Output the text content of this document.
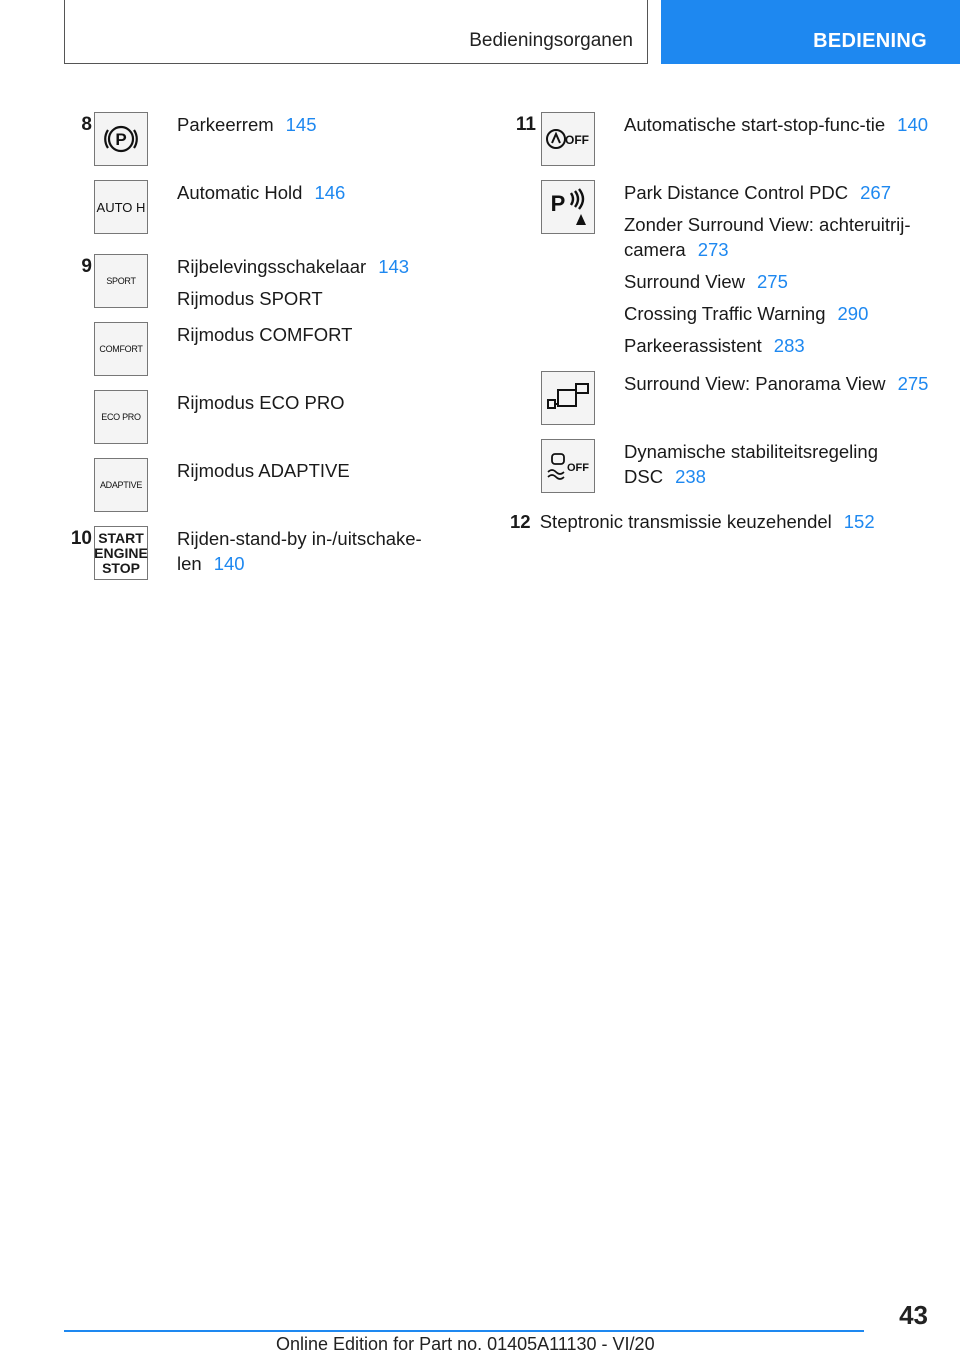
Bedieningsorganen	BEDIENING
8
P
Parkeerrem 145
AUTO H
Automatic Hold 146
9
SPORT
Rijbelevingsschakelaar 143
Rijmodus SPORT
COMFORT
Rijmodus COMFORT
ECO PRO
Rijmodus ECO PRO
ADAPTIVE
Rijmodus ADAPTIVE
10 START
ENGINE
STOP
Rijden-stand-by in-/uitschake-len 140
11
OFF
Automatische start-stop-func-tie 140
P	Park Distance Control PDC 267
Zonder Surround View: achteruitrij-camera 273
Surround View 275
Crossing Traffic Warning 290
Parkeerassistent 283
Surround View: Panorama View 275
OFF
Dynamische stabiliteitsregeling DSC 238
12 Steptronic transmissie keuzehendel 152
43
Online Edition for Part no. 01405A11130 - VI/20
